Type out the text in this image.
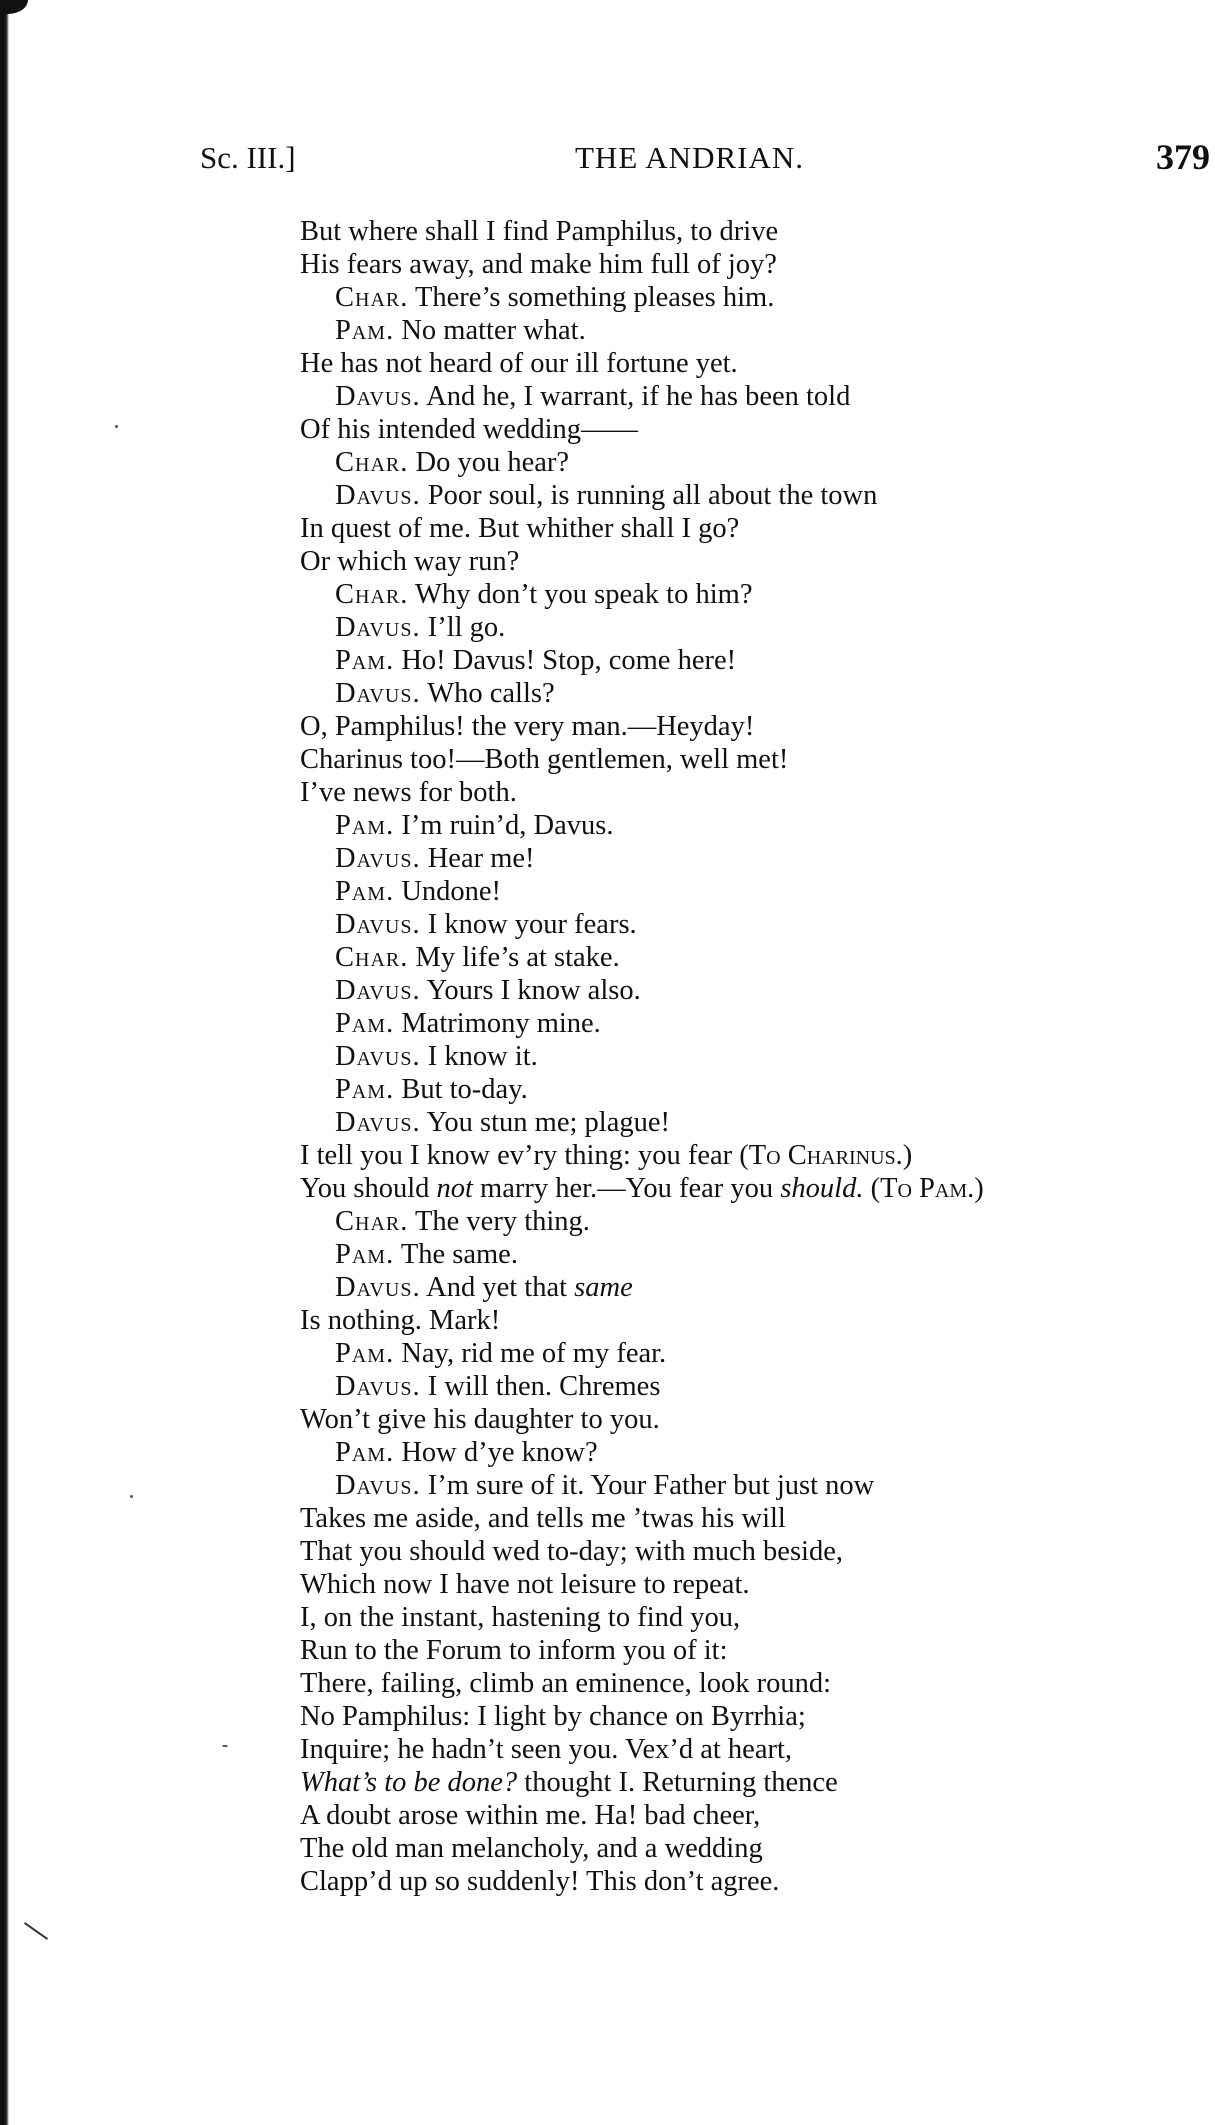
Sc. III.]	THE ANDRIAN.	379
But where shall I find Pamphilus, to drive
His fears away, and make him full of joy?
Char. There’s something pleases him.
Pam. No matter what.
He has not heard of our ill fortune yet.
Davus. And he, I warrant, if he has been told
Of his intended wedding——
Char. Do you hear?
Davus. Poor soul, is running all about the town
In quest of me. But whither shall I go?
Or which way run?
Char. Why don’t you speak to him?
Davus. I’ll go.
Pam. Ho! Davus! Stop, come here!
Davus. Who calls?
O, Pamphilus! the very man.—Heyday!
Charinus too!—Both gentlemen, well met!
I’ve news for both.
Pam. I’m ruin’d, Davus.
Davus. Hear me!
Pam. Undone!
Davus. I know your fears.
Char. My life’s at stake.
Davus. Yours I know also.
Pam. Matrimony mine.
Davus. I know it.
Pam. But to-day.
Davus. You stun me; plague!
I tell you I know ev’ry thing: you fear (To Charinus.)
You should not marry her.—You fear you should. (To Pam.)
Char. The very thing.
Pam. The same.
Davus. And yet that same
Is nothing. Mark!
Pam. Nay, rid me of my fear.
Davus. I will then. Chremes
Won’t give his daughter to you.
Pam. How d’ye know?
Davus. I’m sure of it. Your Father but just now
Takes me aside, and tells me ’twas his will
That you should wed to-day; with much beside,
Which now I have not leisure to repeat.
I, on the instant, hastening to find you,
Run to the Forum to inform you of it:
There, failing, climb an eminence, look round:
No Pamphilus: I light by chance on Byrrhia;
Inquire; he hadn’t seen you. Vex’d at heart,
What’s to be done? thought I. Returning thence
A doubt arose within me. Ha! bad cheer,
The old man melancholy, and a wedding
Clapp’d up so suddenly! This don’t agree.
